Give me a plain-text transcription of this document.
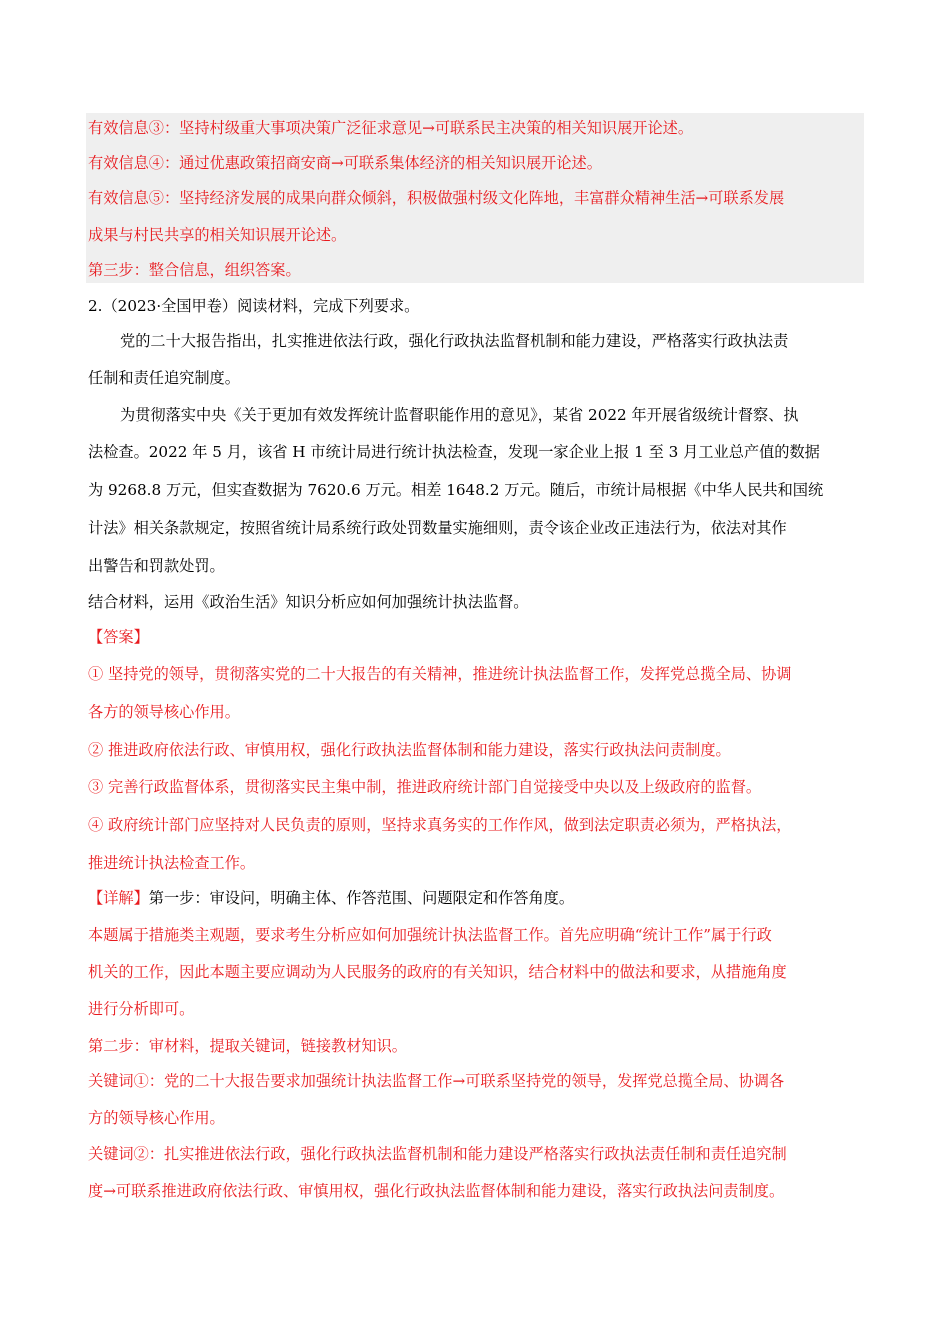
有效信息③：坚持村级重大事项决策广泛征求意见→可联系民主决策的相关知识展开论述。
有效信息④：通过优惠政策招商安商→可联系集体经济的相关知识展开论述。
有效信息⑤：坚持经济发展的成果向群众倾斜，积极做强村级文化阵地，丰富群众精神生活→可联系发展
成果与村民共享的相关知识展开论述。
第三步：整合信息，组织答案。
2.（2023·全国甲卷）阅读材料，完成下列要求。
党的二十大报告指出，扎实推进依法行政，强化行政执法监督机制和能力建设，严格落实行政执法责
任制和责任追究制度。
为贯彻落实中央《关于更加有效发挥统计监督职能作用的意见》，某省 2022 年开展省级统计督察、执
法检查。2022 年 5 月，该省 H 市统计局进行统计执法检查，发现一家企业上报 1 至 3 月工业总产值的数据
为 9268.8 万元，但实查数据为 7620.6 万元。相差 1648.2 万元。随后，市统计局根据《中华人民共和国统
计法》相关条款规定，按照省统计局系统行政处罚数量实施细则，责令该企业改正违法行为，依法对其作
出警告和罚款处罚。
结合材料，运用《政治生活》知识分析应如何加强统计执法监督。
【答案】
① 坚持党的领导，贯彻落实党的二十大报告的有关精神，推进统计执法监督工作，发挥党总揽全局、协调
各方的领导核心作用。
② 推进政府依法行政、审慎用权，强化行政执法监督体制和能力建设，落实行政执法问责制度。
③ 完善行政监督体系，贯彻落实民主集中制，推进政府统计部门自觉接受中央以及上级政府的监督。
④ 政府统计部门应坚持对人民负责的原则，坚持求真务实的工作作风，做到法定职责必须为，严格执法，
推进统计执法检查工作。
【详解】第一步：审设问，明确主体、作答范围、问题限定和作答角度。
本题属于措施类主观题，要求考生分析应如何加强统计执法监督工作。首先应明确“统计工作”属于行政
机关的工作，因此本题主要应调动为人民服务的政府的有关知识，结合材料中的做法和要求，从措施角度
进行分析即可。
第二步：审材料，提取关键词，链接教材知识。
关键词①：党的二十大报告要求加强统计执法监督工作→可联系坚持党的领导，发挥党总揽全局、协调各
方的领导核心作用。
关键词②：扎实推进依法行政，强化行政执法监督机制和能力建设严格落实行政执法责任制和责任追究制
度→可联系推进政府依法行政、审慎用权，强化行政执法监督体制和能力建设，落实行政执法问责制度。
